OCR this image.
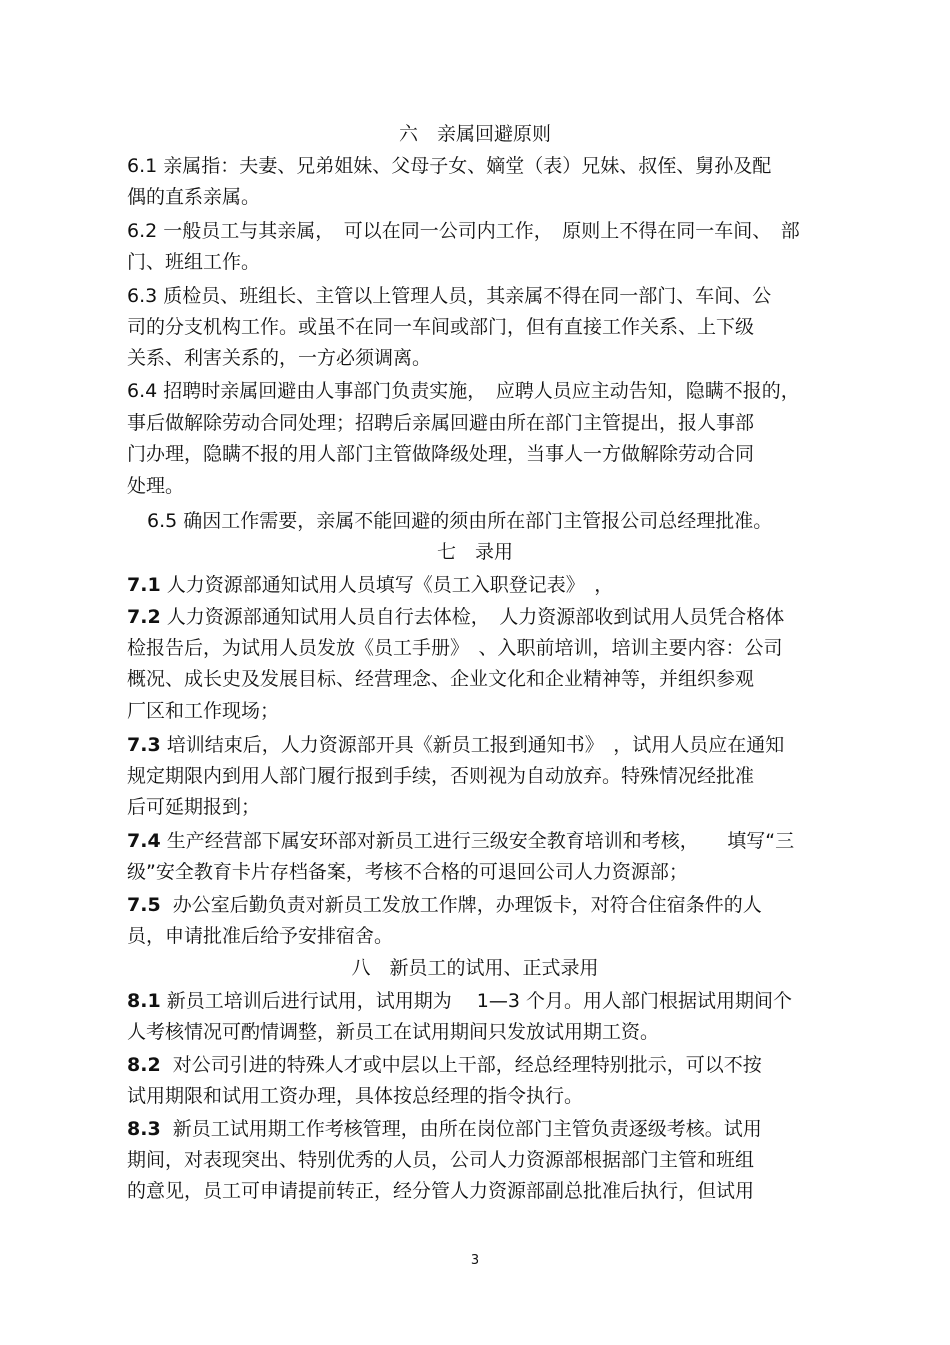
六　亲属回避原则

6.1 亲属指：夫妻、兄弟姐妹、父母子女、嫡堂（表）兄妹、叔侄、舅孙及配

偶的直系亲属。

6.2 一般员工与其亲属，　可以在同一公司内工作，　原则上不得在同一车间、　部

门、班组工作。

6.3 质检员、班组长、主管以上管理人员，其亲属不得在同一部门、车间、公

司的分支机构工作。或虽不在同一车间或部门，但有直接工作关系、上下级

关系、利害关系的，一方必须调离。

6.4 招聘时亲属回避由人事部门负责实施，　应聘人员应主动告知，隐瞒不报的，

事后做解除劳动合同处理；招聘后亲属回避由所在部门主管提出，报人事部

门办理，隐瞒不报的用人部门主管做降级处理，当事人一方做解除劳动合同

处理。

6.5 确因工作需要，亲属不能回避的须由所在部门主管报公司总经理批准。

七　录用

7.1 人力资源部通知试用人员填写《员工入职登记表》　，

7.2 人力资源部通知试用人员自行去体检，　人力资源部收到试用人员凭合格体

检报告后，为试用人员发放《员工手册》　、入职前培训，培训主要内容：公司

概况、成长史及发展目标、经营理念、企业文化和企业精神等，并组织参观

厂区和工作现场；

7.3 培训结束后，人力资源部开具《新员工报到通知书》　，试用人员应在通知

规定期限内到用人部门履行报到手续，否则视为自动放弃。特殊情况经批准

后可延期报到；

7.4 生产经营部下属安环部对新员工进行三级安全教育培训和考核，　　填写“三

级”安全教育卡片存档备案，考核不合格的可退回公司人力资源部；

7.5  办公室后勤负责对新员工发放工作牌，办理饭卡，对符合住宿条件的人

员，申请批准后给予安排宿舍。

八　新员工的试用、正式录用

8.1 新员工培训后进行试用，试用期为　 1—3 个月。用人部门根据试用期间个

人考核情况可酌情调整，新员工在试用期间只发放试用期工资。

8.2  对公司引进的特殊人才或中层以上干部，经总经理特别批示，可以不按

试用期限和试用工资办理，具体按总经理的指令执行。

8.3  新员工试用期工作考核管理，由所在岗位部门主管负责逐级考核。试用

期间，对表现突出、特别优秀的人员，公司人力资源部根据部门主管和班组

的意见，员工可申请提前转正，经分管人力资源部副总批准后执行，但试用

3
